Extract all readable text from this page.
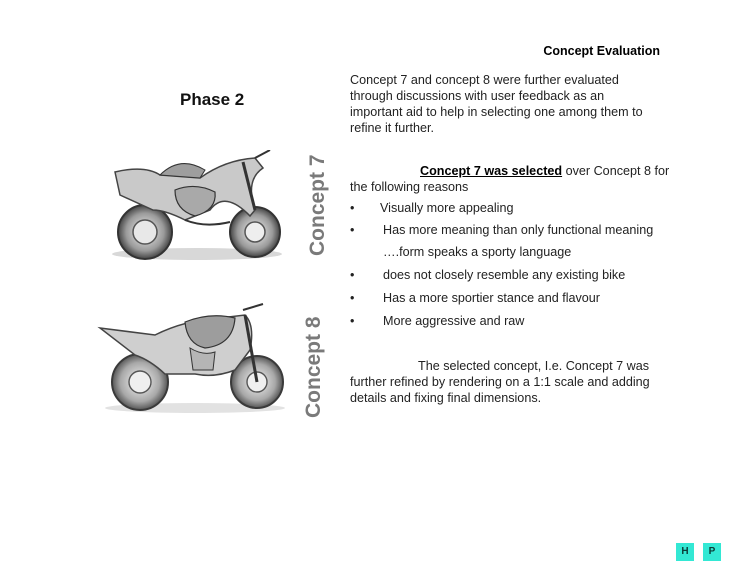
Concept Evaluation
Phase 2
Concept 7 and concept 8 were further evaluated through discussions with user feedback as an important aid to help in selecting one among them to refine it further.
Concept 7 was selected over Concept 8 for the following reasons
• Visually more appealing
• Has more meaning than only functional meaning
….form speaks a sporty language
• does not closely resemble any existing bike
• Has a more sportier stance and flavour
• More aggressive and raw
The selected concept, I.e. Concept 7 was further refined by rendering on a 1:1 scale and adding details and fixing final dimensions.
Concept 7
Concept 8
H	P
